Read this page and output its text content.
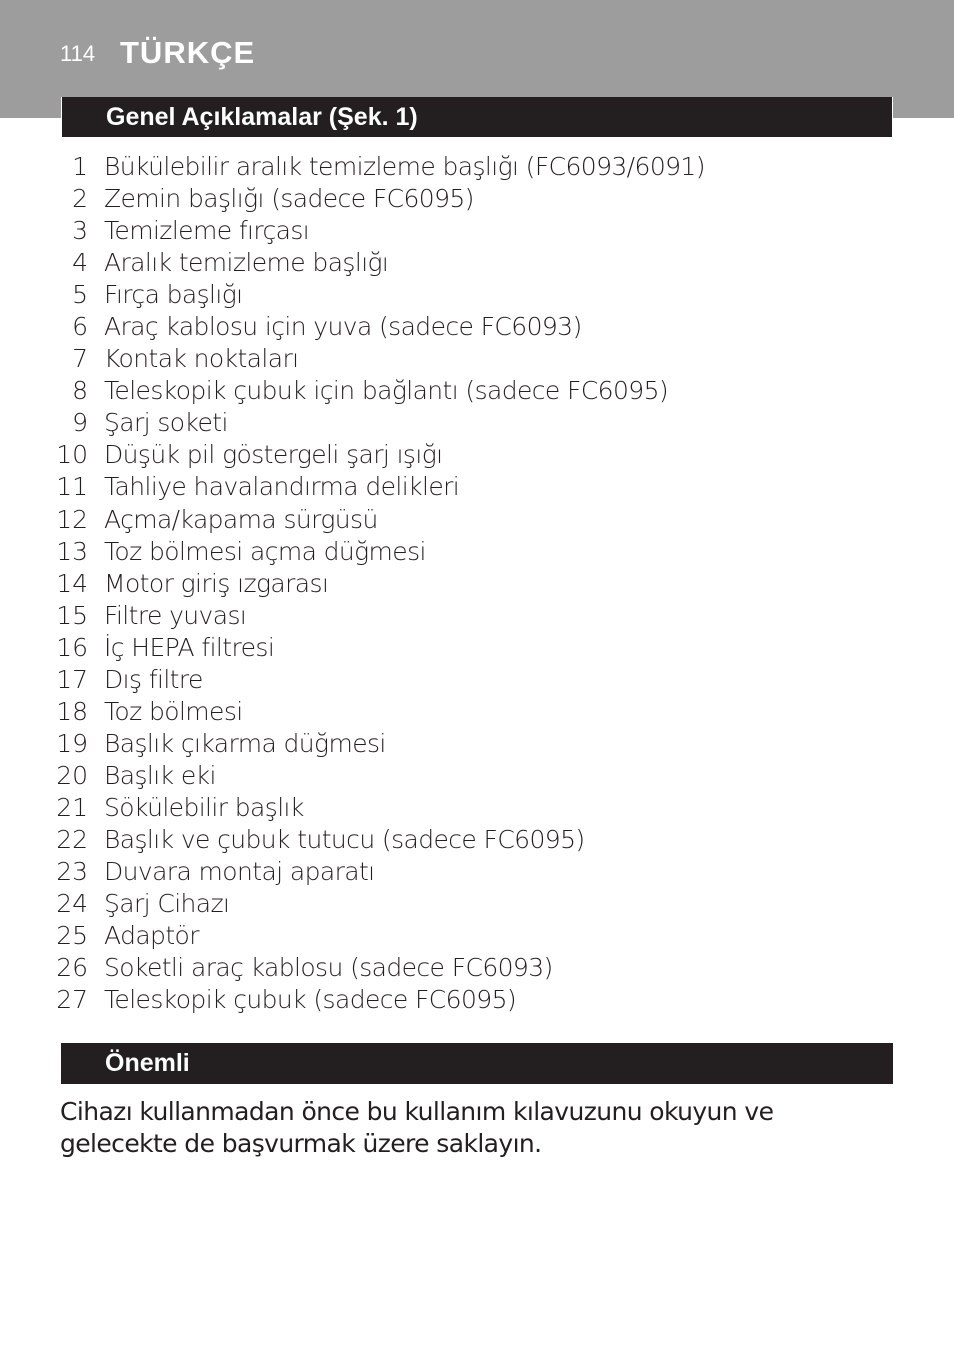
114 TÜRKÇE
Genel Açıklamalar (Şek. 1)
1 Bükülebilir aralık temizleme başlığı (FC6093/6091)
2 Zemin başlığı (sadece FC6095)
3 Temizleme fırçası
4 Aralık temizleme başlığı
5 Fırça başlığı
6 Araç kablosu için yuva (sadece FC6093)
7 Kontak noktaları
8 Teleskopik çubuk için bağlantı (sadece FC6095)
9 Şarj soketi
10 Düşük pil göstergeli şarj ışığı
11 Tahliye havalandırma delikleri
12 Açma/kapama sürgüsü
13 Toz bölmesi açma düğmesi
14 Motor giriş ızgarası
15 Filtre yuvası
16 İç HEPA filtresi
17 Dış filtre
18 Toz bölmesi
19 Başlık çıkarma düğmesi
20 Başlık eki
21 Sökülebilir başlık
22 Başlık ve çubuk tutucu (sadece FC6095)
23 Duvara montaj aparatı
24 Şarj Cihazı
25 Adaptör
26 Soketli araç kablosu (sadece FC6093)
27 Teleskopik çubuk (sadece FC6095)
Önemli

Cihazı kullanmadan önce bu kullanım kılavuzunu okuyun ve gelecekte de başvurmak üzere saklayın.
